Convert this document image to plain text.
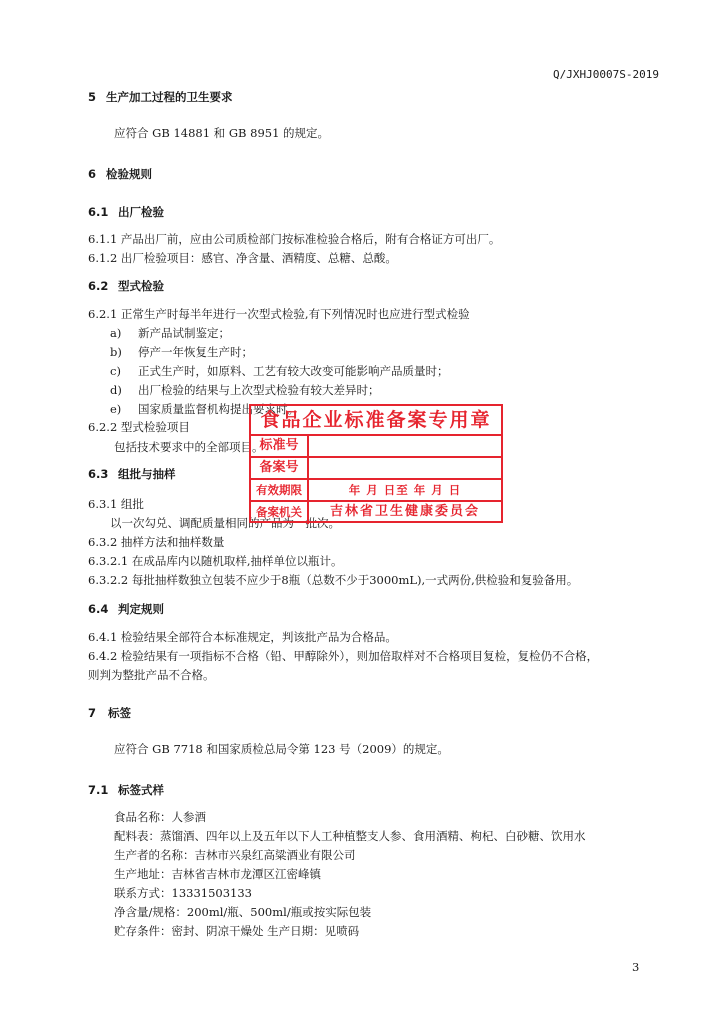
Q/JXHJ0007S-2019
5 生产加工过程的卫生要求
应符合 GB 14881 和 GB 8951 的规定。
6 检验规则
6.1 出厂检验
6.1.1 产品出厂前，应由公司质检部门按标准检验合格后，附有合格证方可出厂。
6.1.2 出厂检验项目：感官、净含量、酒精度、总糖、总酸。
6.2 型式检验
6.2.1 正常生产时每半年进行一次型式检验,有下列情况时也应进行型式检验
a) 新产品试制鉴定；
b) 停产一年恢复生产时；
c) 正式生产时，如原料、工艺有较大改变可能影响产品质量时；
d) 出厂检验的结果与上次型式检验有较大差异时；
e) 国家质量监督机构提出要求时。
6.2.2 型式检验项目
包括技术要求中的全部项目。
6.3 组批与抽样
6.3.1 组批
以一次勾兑、调配质量相同的产品为一批次。
6.3.2 抽样方法和抽样数量
6.3.2.1 在成品库内以随机取样,抽样单位以瓶计。
6.3.2.2 每批抽样数独立包装不应少于8瓶（总数不少于3000mL),一式两份,供检验和复验备用。
6.4 判定规则
6.4.1 检验结果全部符合本标准规定，判该批产品为合格品。
6.4.2 检验结果有一项指标不合格（铅、甲醇除外），则加倍取样对不合格项目复检，复检仍不合格，
则判为整批产品不合格。
7 标签
应符合 GB 7718 和国家质检总局令第 123 号（2009）的规定。
7.1 标签式样
食品名称：人参酒
配料表：蒸馏酒、四年以上及五年以下人工种植整支人参、食用酒精、枸杞、白砂糖、饮用水
生产者的名称：吉林市兴泉红高粱酒业有限公司
生产地址：吉林省吉林市龙潭区江密峰镇
联系方式：13331503133
净含量/规格：200ml/瓶、500ml/瓶或按实际包装
贮存条件：密封、阴凉干燥处 生产日期：见喷码
3
食品企业标准备案专用章
标准号
备案号
有效期限	年 月 日至 年 月 日
备案机关	吉林省卫生健康委员会
